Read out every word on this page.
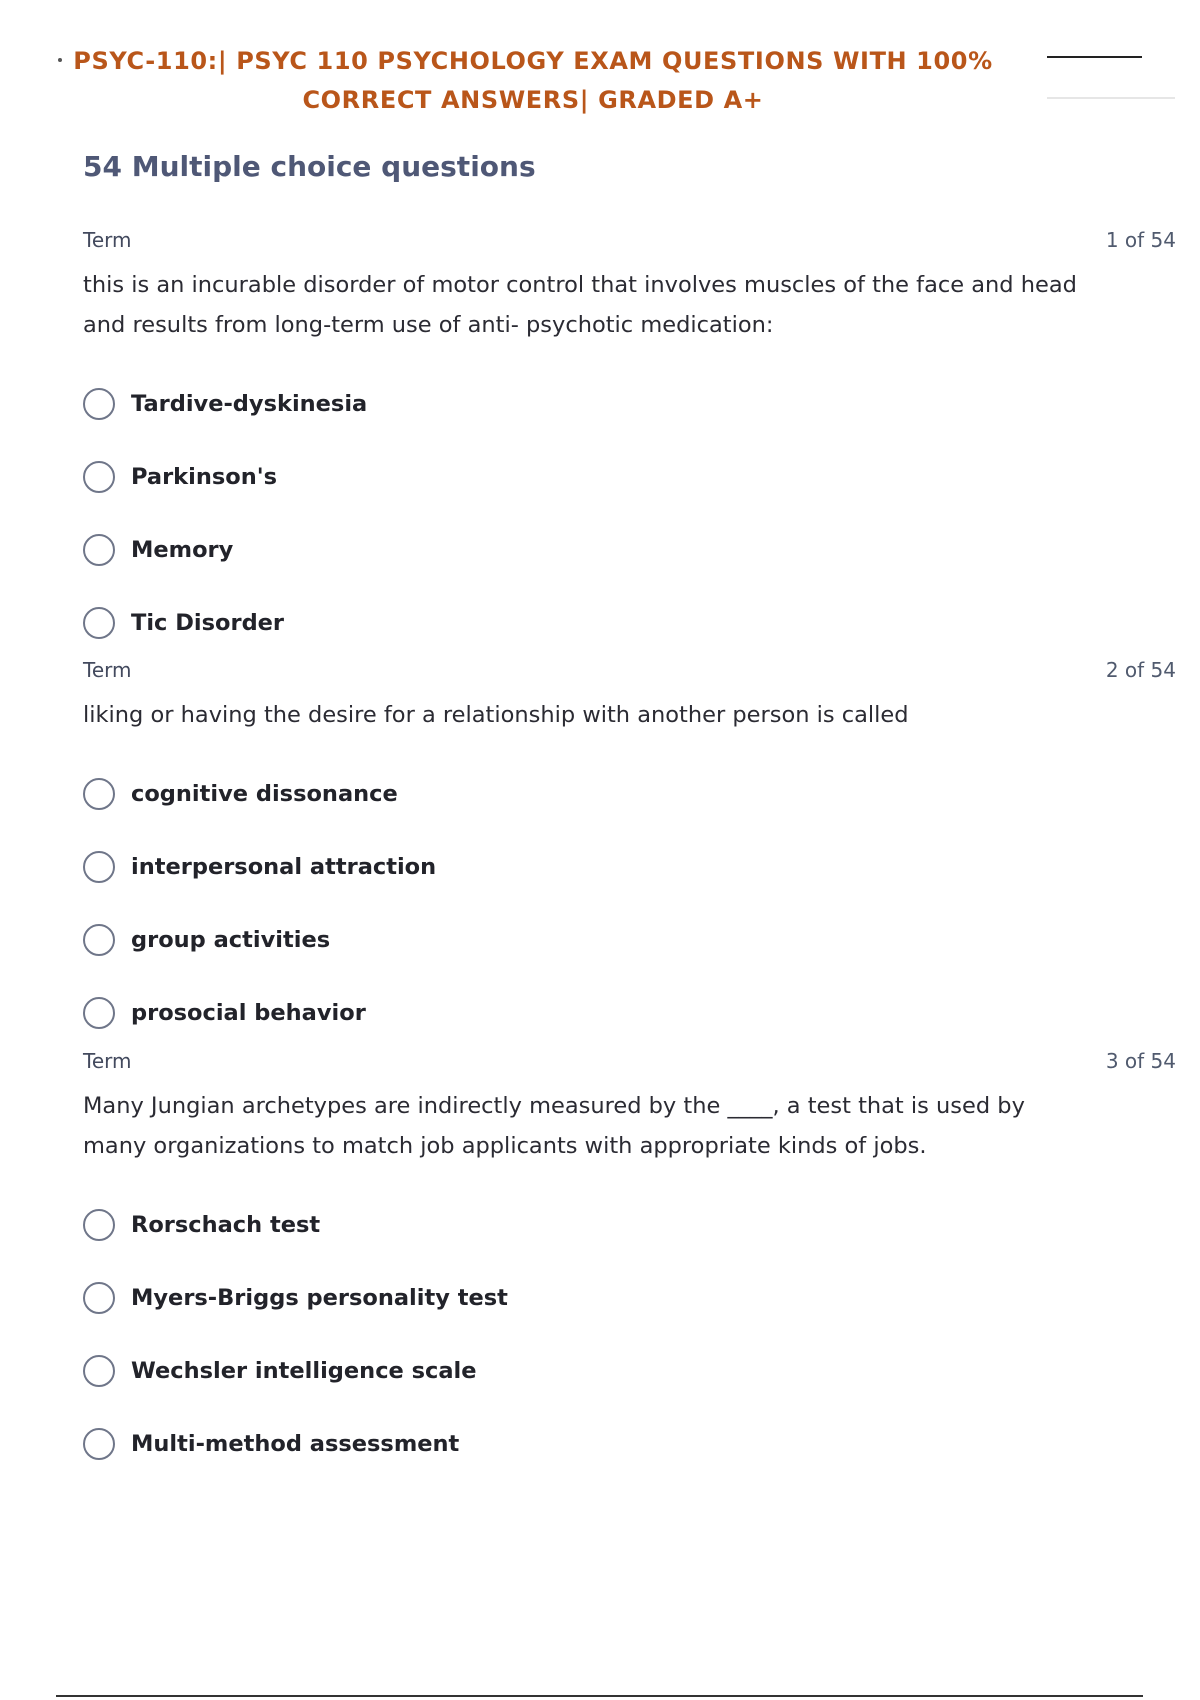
PSYC-110:| PSYC 110 PSYCHOLOGY EXAM QUESTIONS WITH 100%
CORRECT ANSWERS| GRADED A+
54 Multiple choice questions
Term	1 of 54
this is an incurable disorder of motor control that involves muscles of the face and head and results from long-term use of anti- psychotic medication:
Tardive-dyskinesia
Parkinson's
Memory
Tic Disorder
Term	2 of 54
liking or having the desire for a relationship with another person is called
cognitive dissonance
interpersonal attraction
group activities
prosocial behavior
Term	3 of 54
Many Jungian archetypes are indirectly measured by the ____, a test that is used by many organizations to match job applicants with appropriate kinds of jobs.
Rorschach test
Myers-Briggs personality test
Wechsler intelligence scale
Multi-method assessment
